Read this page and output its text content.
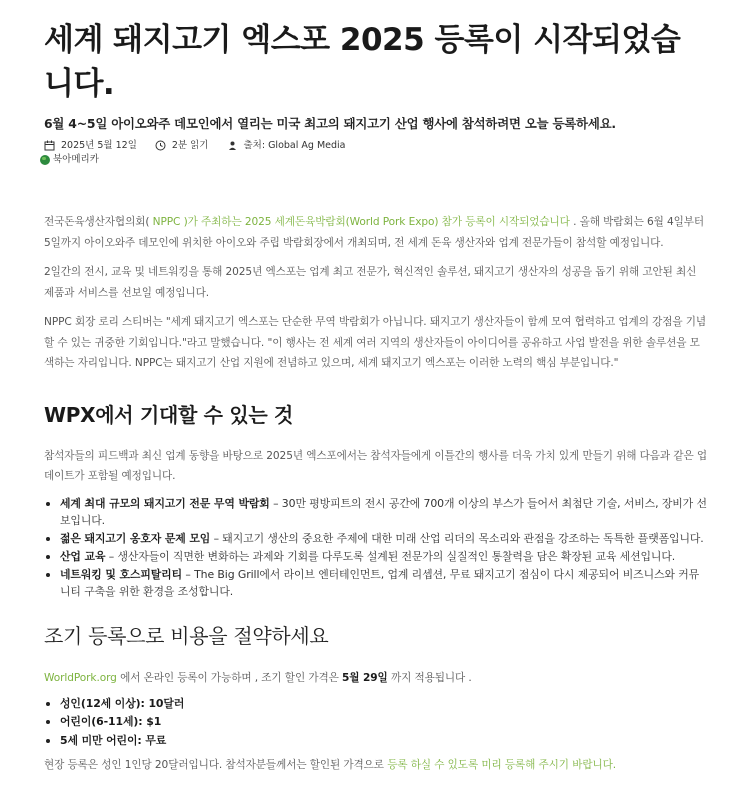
세계 돼지고기 엑스포 2025 등록이 시작되었습니다.
6월 4~5일 아이오와주 데모인에서 열리는 미국 최고의 돼지고기 산업 행사에 참석하려면 오늘 등록하세요.
2025년 5월 12일	2분 읽기	출처: Global Ag Media
북아메리카

전국돈육생산자협의회( NPPC )가 주최하는 2025 세계돈육박람회(World Pork Expo) 참가 등록이 시작되었습니다 . 올해 박람회는 6월 4일부터 5일까지 아이오와주 데모인에 위치한 아이오와 주립 박람회장에서 개최되며, 전 세계 돈육 생산자와 업계 전문가들이 참석할 예정입니다.

2일간의 전시, 교육 및 네트워킹을 통해 2025년 엑스포는 업계 최고 전문가, 혁신적인 솔루션, 돼지고기 생산자의 성공을 돕기 위해 고안된 최신 제품과 서비스를 선보일 예정입니다.

NPPC 회장 로리 스티버는 "세계 돼지고기 엑스포는 단순한 무역 박람회가 아닙니다. 돼지고기 생산자들이 함께 모여 협력하고 업계의 강점을 기념할 수 있는 귀중한 기회입니다."라고 말했습니다. "이 행사는 전 세계 여러 지역의 생산자들이 아이디어를 공유하고 사업 발전을 위한 솔루션을 모색하는 자리입니다. NPPC는 돼지고기 산업 지원에 전념하고 있으며, 세계 돼지고기 엑스포는 이러한 노력의 핵심 부분입니다."

WPX에서 기대할 수 있는 것

참석자들의 피드백과 최신 업계 동향을 바탕으로 2025년 엑스포에서는 참석자들에게 이틀간의 행사를 더욱 가치 있게 만들기 위해 다음과 같은 업데이트가 포함될 예정입니다.

세계 최대 규모의 돼지고기 전문 무역 박람회 – 30만 평방피트의 전시 공간에 700개 이상의 부스가 들어서 최첨단 기술, 서비스, 장비가 선보입니다.
젊은 돼지고기 옹호자 문제 모임 – 돼지고기 생산의 중요한 주제에 대한 미래 산업 리더의 목소리와 관점을 강조하는 독특한 플랫폼입니다.
산업 교육 – 생산자들이 직면한 변화하는 과제와 기회를 다루도록 설계된 전문가의 실질적인 통찰력을 담은 확장된 교육 세션입니다.
네트워킹 및 호스피탈리티 – The Big Grill에서 라이브 엔터테인먼트, 업계 리셉션, 무료 돼지고기 점심이 다시 제공되어 비즈니스와 커뮤니티 구축을 위한 환경을 조성합니다.
조기 등록으로 비용을 절약하세요

WorldPork.org 에서 온라인 등록이 가능하며 , 조기 할인 가격은 5월 29일 까지 적용됩니다 .

성인(12세 이상): 10달러
어린이(6-11세): $1
5세 미만 어린이: 무료

현장 등록은 성인 1인당 20달러입니다. 참석자분들께서는 할인된 가격으로 등록 하실 수 있도록 미리 등록해 주시기 바랍니다.
